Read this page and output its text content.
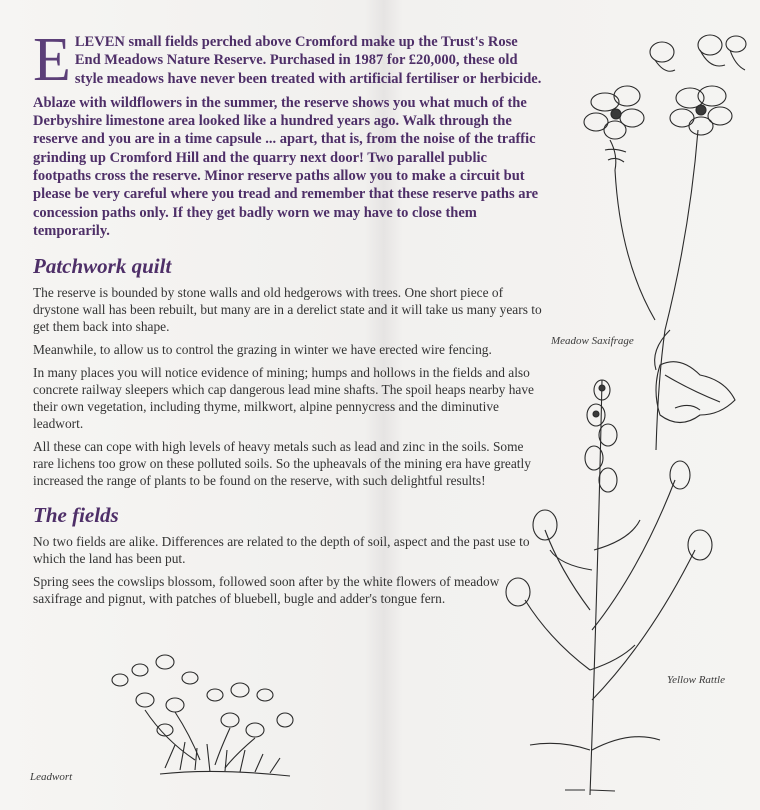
E LEVEN small fields perched above Cromford make up the Trust's Rose End Meadows Nature Reserve. Purchased in 1987 for £20,000, these old style meadows have never been treated with artificial fertiliser or herbicide.

Ablaze with wildflowers in the summer, the reserve shows you what much of the Derbyshire limestone area looked like a hundred years ago. Walk through the reserve and you are in a time capsule ... apart, that is, from the noise of the traffic grinding up Cromford Hill and the quarry next door! Two parallel public footpaths cross the reserve. Minor reserve paths allow you to make a circuit but please be very careful where you tread and remember that these reserve paths are concession paths only. If they get badly worn we may have to close them temporarily.

Patchwork quilt

The reserve is bounded by stone walls and old hedgerows with trees. One short piece of drystone wall has been rebuilt, but many are in a derelict state and it will take us many years to get them back into shape.

Meanwhile, to allow us to control the grazing in winter we have erected wire fencing.

In many places you will notice evidence of mining; humps and hollows in the fields and also concrete railway sleepers which cap dangerous lead mine shafts. The spoil heaps nearby have their own vegetation, including thyme, milkwort, alpine pennycress and the diminutive leadwort.

All these can cope with high levels of heavy metals such as lead and zinc in the soils. Some rare lichens too grow on these polluted soils. So the upheavals of the mining era have greatly increased the range of plants to be found on the reserve, with such delightful results!

The fields

No two fields are alike. Differences are related to the depth of soil, aspect and the past use to which the land has been put.

Spring sees the cowslips blossom, followed soon after by the white flowers of meadow saxifrage and pignut, with patches of bluebell, bugle and adder's tongue fern.

Meadow Saxifrage
Yellow Rattle
Leadwort
